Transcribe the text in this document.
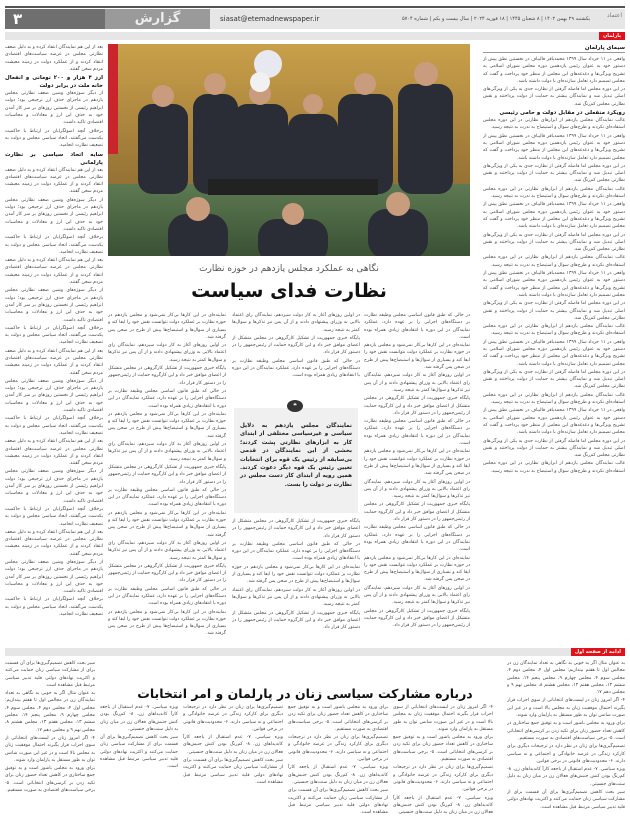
۳	گزارش	siasat@etemadnewspaper.ir	یکشنبه ۲۹ بهمن ۱۴۰۲ | ۸ شعبان ۱۴۴۵ | ۱۸ فوریه ۲۰۲۴ | سال بیست و یکم | شماره ۵۷۰۴	اعتماد
پارلمان
سیمای پارلمان

واقعی در ۱۱ خرداد سال ۱۳۹۹ محمدباقر قالیباف در نخستین نطق پیش از دستور خود به عنوان رئیس یازدهمین دوره مجلس شورای اسلامی به تشریح ویژگی‌ها و دغدغه‌های این مجلس از منظر خود پرداخت و گفت که مجلس تصمیم دارد تعامل سازنده‌ای با دولت داشته باشد.

در این دوره مجلس اما فاصله گرفتن از نظارت جدی به یکی از ویژگی‌های اصلی تبدیل شد و نمایندگان بیشتر به حمایت از دولت پرداختند و نقش نظارتی مجلس کم‌رنگ شد.

رویکرد منفعلی در مقابل دولت و حامی رئیسی

غالب نمایندگان مجلس یازدهم از ابزارهای نظارتی در این دوره مجلس استفاده‌ای نکردند و طرح‌های سوال و استیضاح به ندرت به نتیجه رسید.

واقعی در ۱۱ خرداد سال ۱۳۹۹ محمدباقر قالیباف در نخستین نطق پیش از دستور خود به عنوان رئیس یازدهمین دوره مجلس شورای اسلامی به تشریح ویژگی‌ها و دغدغه‌های این مجلس از منظر خود پرداخت و گفت که مجلس تصمیم دارد تعامل سازنده‌ای با دولت داشته باشد.

در این دوره مجلس اما فاصله گرفتن از نظارت جدی به یکی از ویژگی‌های اصلی تبدیل شد و نمایندگان بیشتر به حمایت از دولت پرداختند و نقش نظارتی مجلس کم‌رنگ شد.

غالب نمایندگان مجلس یازدهم از ابزارهای نظارتی در این دوره مجلس استفاده‌ای نکردند و طرح‌های سوال و استیضاح به ندرت به نتیجه رسید.

واقعی در ۱۱ خرداد سال ۱۳۹۹ محمدباقر قالیباف در نخستین نطق پیش از دستور خود به عنوان رئیس یازدهمین دوره مجلس شورای اسلامی به تشریح ویژگی‌ها و دغدغه‌های این مجلس از منظر خود پرداخت و گفت که مجلس تصمیم دارد تعامل سازنده‌ای با دولت داشته باشد.

در این دوره مجلس اما فاصله گرفتن از نظارت جدی به یکی از ویژگی‌های اصلی تبدیل شد و نمایندگان بیشتر به حمایت از دولت پرداختند و نقش نظارتی مجلس کم‌رنگ شد.

غالب نمایندگان مجلس یازدهم از ابزارهای نظارتی در این دوره مجلس استفاده‌ای نکردند و طرح‌های سوال و استیضاح به ندرت به نتیجه رسید.

واقعی در ۱۱ خرداد سال ۱۳۹۹ محمدباقر قالیباف در نخستین نطق پیش از دستور خود به عنوان رئیس یازدهمین دوره مجلس شورای اسلامی به تشریح ویژگی‌ها و دغدغه‌های این مجلس از منظر خود پرداخت و گفت که مجلس تصمیم دارد تعامل سازنده‌ای با دولت داشته باشد.

در این دوره مجلس اما فاصله گرفتن از نظارت جدی به یکی از ویژگی‌های اصلی تبدیل شد و نمایندگان بیشتر به حمایت از دولت پرداختند و نقش نظارتی مجلس کم‌رنگ شد.

غالب نمایندگان مجلس یازدهم از ابزارهای نظارتی در این دوره مجلس استفاده‌ای نکردند و طرح‌های سوال و استیضاح به ندرت به نتیجه رسید.

واقعی در ۱۱ خرداد سال ۱۳۹۹ محمدباقر قالیباف در نخستین نطق پیش از دستور خود به عنوان رئیس یازدهمین دوره مجلس شورای اسلامی به تشریح ویژگی‌ها و دغدغه‌های این مجلس از منظر خود پرداخت و گفت که مجلس تصمیم دارد تعامل سازنده‌ای با دولت داشته باشد.

در این دوره مجلس اما فاصله گرفتن از نظارت جدی به یکی از ویژگی‌های اصلی تبدیل شد و نمایندگان بیشتر به حمایت از دولت پرداختند و نقش نظارتی مجلس کم‌رنگ شد.

غالب نمایندگان مجلس یازدهم از ابزارهای نظارتی در این دوره مجلس استفاده‌ای نکردند و طرح‌های سوال و استیضاح به ندرت به نتیجه رسید.

واقعی در ۱۱ خرداد سال ۱۳۹۹ محمدباقر قالیباف در نخستین نطق پیش از دستور خود به عنوان رئیس یازدهمین دوره مجلس شورای اسلامی به تشریح ویژگی‌ها و دغدغه‌های این مجلس از منظر خود پرداخت و گفت که مجلس تصمیم دارد تعامل سازنده‌ای با دولت داشته باشد.

در این دوره مجلس اما فاصله گرفتن از نظارت جدی به یکی از ویژگی‌های اصلی تبدیل شد و نمایندگان بیشتر به حمایت از دولت پرداختند و نقش نظارتی مجلس کم‌رنگ شد.

غالب نمایندگان مجلس یازدهم از ابزارهای نظارتی در این دوره مجلس استفاده‌ای نکردند و طرح‌های سوال و استیضاح به ندرت به نتیجه رسید.

نگاهی به عملکرد مجلس یازدهم در حوزه نظارت
نظارت فدای سیاست

بعد از این هم نمایندگان انتقاد کرده و به دلیل ضعف نظارتی مجلس در عرصه سیاست‌های اقتصادی انتقاد کردند و از عملکرد دولت در زمینه معیشت مردم سخن گفتند.

ارز ۴ هزار و ۲۰۰ تومانی و انفعال خانه ملت در برابر دولت

از دیگر سوژه‌های وشین ضعف نظارتی مجلس یازدهم در ماجرای حذف ارز ترجیحی بود؛ دولت ابراهیم رئیسی از نخستین روزهای بر سر کار آمدن خود به حذف این ارز و معادلات و محاسبات اقتصادی تاکید داشت.

برخلاف آنچه اصولگرایان در ارتباط با حاکمیت یکدست می‌گفتند، اتحاد سیاسی مجلس و دولت به تضعیف نظارت انجامید.

سایه اتحاد سیاسی بر نظارت پارلمانی

بعد از این هم نمایندگان انتقاد کرده و به دلیل ضعف نظارتی مجلس در عرصه سیاست‌های اقتصادی انتقاد کردند و از عملکرد دولت در زمینه معیشت مردم سخن گفتند.

از دیگر سوژه‌های وشین ضعف نظارتی مجلس یازدهم در ماجرای حذف ارز ترجیحی بود؛ دولت ابراهیم رئیسی از نخستین روزهای بر سر کار آمدن خود به حذف این ارز و معادلات و محاسبات اقتصادی تاکید داشت.

برخلاف آنچه اصولگرایان در ارتباط با حاکمیت یکدست می‌گفتند، اتحاد سیاسی مجلس و دولت به تضعیف نظارت انجامید.

بعد از این هم نمایندگان انتقاد کرده و به دلیل ضعف نظارتی مجلس در عرصه سیاست‌های اقتصادی انتقاد کردند و از عملکرد دولت در زمینه معیشت مردم سخن گفتند.

از دیگر سوژه‌های وشین ضعف نظارتی مجلس یازدهم در ماجرای حذف ارز ترجیحی بود؛ دولت ابراهیم رئیسی از نخستین روزهای بر سر کار آمدن خود به حذف این ارز و معادلات و محاسبات اقتصادی تاکید داشت.

برخلاف آنچه اصولگرایان در ارتباط با حاکمیت یکدست می‌گفتند، اتحاد سیاسی مجلس و دولت به تضعیف نظارت انجامید.

بعد از این هم نمایندگان انتقاد کرده و به دلیل ضعف نظارتی مجلس در عرصه سیاست‌های اقتصادی انتقاد کردند و از عملکرد دولت در زمینه معیشت مردم سخن گفتند.

از دیگر سوژه‌های وشین ضعف نظارتی مجلس یازدهم در ماجرای حذف ارز ترجیحی بود؛ دولت ابراهیم رئیسی از نخستین روزهای بر سر کار آمدن خود به حذف این ارز و معادلات و محاسبات اقتصادی تاکید داشت.

برخلاف آنچه اصولگرایان در ارتباط با حاکمیت یکدست می‌گفتند، اتحاد سیاسی مجلس و دولت به تضعیف نظارت انجامید.

بعد از این هم نمایندگان انتقاد کرده و به دلیل ضعف نظارتی مجلس در عرصه سیاست‌های اقتصادی انتقاد کردند و از عملکرد دولت در زمینه معیشت مردم سخن گفتند.

از دیگر سوژه‌های وشین ضعف نظارتی مجلس یازدهم در ماجرای حذف ارز ترجیحی بود؛ دولت ابراهیم رئیسی از نخستین روزهای بر سر کار آمدن خود به حذف این ارز و معادلات و محاسبات اقتصادی تاکید داشت.

برخلاف آنچه اصولگرایان در ارتباط با حاکمیت یکدست می‌گفتند، اتحاد سیاسی مجلس و دولت به تضعیف نظارت انجامید.

بعد از این هم نمایندگان انتقاد کرده و به دلیل ضعف نظارتی مجلس در عرصه سیاست‌های اقتصادی انتقاد کردند و از عملکرد دولت در زمینه معیشت مردم سخن گفتند.

از دیگر سوژه‌های وشین ضعف نظارتی مجلس یازدهم در ماجرای حذف ارز ترجیحی بود؛ دولت ابراهیم رئیسی از نخستین روزهای بر سر کار آمدن خود به حذف این ارز و معادلات و محاسبات اقتصادی تاکید داشت.

برخلاف آنچه اصولگرایان در ارتباط با حاکمیت یکدست می‌گفتند، اتحاد سیاسی مجلس و دولت به تضعیف نظارت انجامید.

نماینده‌ای در این کارها بی‌کار نمی‌شود و مجلس یازدهم در حوزه نظارت بر عملکرد دولت نتوانست نقش خود را ایفا کند و بسیاری از سوال‌ها و استیضاح‌ها پیش از طرح در صحن پس گرفته شد.

در اولین روزهای آغاز به کار دولت سیزدهم، نمایندگان رای اعتماد بالایی به وزرای پیشنهادی دادند و از آن پس نیز تذکرها و سوال‌ها کمتر به نتیجه رسید.

پایگاه خبری جمهوریت از تشکیل کارگروهی در مجلس متشکل از اعضای موافق خبر داد و این کارگروه حمایت از رئیس‌جمهور را در دستور کار قرار داد.

در حالی که طبق قانون اساسی مجلس وظیفه نظارت بر دستگاه‌های اجرایی را بر عهده دارد، عملکرد نمایندگان در این دوره با انتقادهای زیادی همراه بوده است.

نماینده‌ای در این کارها بی‌کار نمی‌شود و مجلس یازدهم در حوزه نظارت بر عملکرد دولت نتوانست نقش خود را ایفا کند و بسیاری از سوال‌ها و استیضاح‌ها پیش از طرح در صحن پس گرفته شد.

در اولین روزهای آغاز به کار دولت سیزدهم، نمایندگان رای اعتماد بالایی به وزرای پیشنهادی دادند و از آن پس نیز تذکرها و سوال‌ها کمتر به نتیجه رسید.

پایگاه خبری جمهوریت از تشکیل کارگروهی در مجلس متشکل از اعضای موافق خبر داد و این کارگروه حمایت از رئیس‌جمهور را در دستور کار قرار داد.

در حالی که طبق قانون اساسی مجلس وظیفه نظارت بر دستگاه‌های اجرایی را بر عهده دارد، عملکرد نمایندگان در این دوره با انتقادهای زیادی همراه بوده است.

نماینده‌ای در این کارها بی‌کار نمی‌شود و مجلس یازدهم در حوزه نظارت بر عملکرد دولت نتوانست نقش خود را ایفا کند و بسیاری از سوال‌ها و استیضاح‌ها پیش از طرح در صحن پس گرفته شد.

در اولین روزهای آغاز به کار دولت سیزدهم، نمایندگان رای اعتماد بالایی به وزرای پیشنهادی دادند و از آن پس نیز تذکرها و سوال‌ها کمتر به نتیجه رسید.

پایگاه خبری جمهوریت از تشکیل کارگروهی در مجلس متشکل از اعضای موافق خبر داد و این کارگروه حمایت از رئیس‌جمهور را در دستور کار قرار داد.

در حالی که طبق قانون اساسی مجلس وظیفه نظارت بر دستگاه‌های اجرایی را بر عهده دارد، عملکرد نمایندگان در این دوره با انتقادهای زیادی همراه بوده است.

نماینده‌ای در این کارها بی‌کار نمی‌شود و مجلس یازدهم در حوزه نظارت بر عملکرد دولت نتوانست نقش خود را ایفا کند و بسیاری از سوال‌ها و استیضاح‌ها پیش از طرح در صحن پس گرفته شد.

در اولین روزهای آغاز به کار دولت سیزدهم، نمایندگان رای اعتماد بالایی به وزرای پیشنهادی دادند و از آن پس نیز تذکرها و سوال‌ها کمتر به نتیجه رسید.

پایگاه خبری جمهوریت از تشکیل کارگروهی در مجلس متشکل از اعضای موافق خبر داد و این کارگروه حمایت از رئیس‌جمهور را در دستور کار قرار داد.

در حالی که طبق قانون اساسی مجلس وظیفه نظارت بر دستگاه‌های اجرایی را بر عهده دارد، عملکرد نمایندگان در این دوره با انتقادهای زیادی همراه بوده است.

پایگاه خبری جمهوریت از تشکیل کارگروهی در مجلس متشکل از اعضای موافق خبر داد و این کارگروه حمایت از رئیس‌جمهور را در دستور کار قرار داد.

در حالی که طبق قانون اساسی مجلس وظیفه نظارت بر دستگاه‌های اجرایی را بر عهده دارد، عملکرد نمایندگان در این دوره با انتقادهای زیادی همراه بوده است.

نماینده‌ای در این کارها بی‌کار نمی‌شود و مجلس یازدهم در حوزه نظارت بر عملکرد دولت نتوانست نقش خود را ایفا کند و بسیاری از سوال‌ها و استیضاح‌ها پیش از طرح در صحن پس گرفته شد.

در اولین روزهای آغاز به کار دولت سیزدهم، نمایندگان رای اعتماد بالایی به وزرای پیشنهادی دادند و از آن پس نیز تذکرها و سوال‌ها کمتر به نتیجه رسید.

پایگاه خبری جمهوریت از تشکیل کارگروهی در مجلس متشکل از اعضای موافق خبر داد و این کارگروه حمایت از رئیس‌جمهور را در دستور کار قرار داد.

در حالی که طبق قانون اساسی مجلس وظیفه نظارت بر دستگاه‌های اجرایی را بر عهده دارد، عملکرد نمایندگان در این دوره با انتقادهای زیادی همراه بوده است.

نماینده‌ای در این کارها بی‌کار نمی‌شود و مجلس یازدهم در حوزه نظارت بر عملکرد دولت نتوانست نقش خود را ایفا کند و بسیاری از سوال‌ها و استیضاح‌ها پیش از طرح در صحن پس گرفته شد.

در اولین روزهای آغاز به کار دولت سیزدهم، نمایندگان رای اعتماد بالایی به وزرای پیشنهادی دادند و از آن پس نیز تذکرها و سوال‌ها کمتر به نتیجه رسید.

پایگاه خبری جمهوریت از تشکیل کارگروهی در مجلس متشکل از اعضای موافق خبر داد و این کارگروه حمایت از رئیس‌جمهور را در دستور کار قرار داد.

در حالی که طبق قانون اساسی مجلس وظیفه نظارت بر دستگاه‌های اجرایی را بر عهده دارد، عملکرد نمایندگان در این دوره با انتقادهای زیادی همراه بوده است.

نماینده‌ای در این کارها بی‌کار نمی‌شود و مجلس یازدهم در حوزه نظارت بر عملکرد دولت نتوانست نقش خود را ایفا کند و بسیاری از سوال‌ها و استیضاح‌ها پیش از طرح در صحن پس گرفته شد.

در اولین روزهای آغاز به کار دولت سیزدهم، نمایندگان رای اعتماد بالایی به وزرای پیشنهادی دادند و از آن پس نیز تذکرها و سوال‌ها کمتر به نتیجه رسید.

پایگاه خبری جمهوریت از تشکیل کارگروهی در مجلس متشکل از اعضای موافق خبر داد و این کارگروه حمایت از رئیس‌جمهور را در دستور کار قرار داد.

در حالی که طبق قانون اساسی مجلس وظیفه نظارت بر دستگاه‌های اجرایی را بر عهده دارد، عملکرد نمایندگان در این دوره با انتقادهای زیادی همراه بوده است.

نماینده‌ای در این کارها بی‌کار نمی‌شود و مجلس یازدهم در حوزه نظارت بر عملکرد دولت نتوانست نقش خود را ایفا کند و بسیاری از سوال‌ها و استیضاح‌ها پیش از طرح در صحن پس گرفته شد.

در اولین روزهای آغاز به کار دولت سیزدهم، نمایندگان رای اعتماد بالایی به وزرای پیشنهادی دادند و از آن پس نیز تذکرها و سوال‌ها کمتر به نتیجه رسید.

پایگاه خبری جمهوریت از تشکیل کارگروهی در مجلس متشکل از اعضای موافق خبر داد و این کارگروه حمایت از رئیس‌جمهور را در دستور کار قرار داد.

نمایندگان مجلس یازدهم به دلایل سیاسی و غیرسیاسی مختلفی از ابتدای کار به ابزارهای نظارتی پشت کردند؛ بخشی از این نمایندگان در قدمی بی‌سابقه از رئیس یک قوه برای انتخابات تعیین رئیس یک قوه دیگر دعوت کردند. همین رویه از ابتدای کار دست مجلس در نظارت بر دولت را بست.
❝
ادامه از صفحه اول
درباره مشارکت سیاسی زنان در پارلمان و امر انتخابات

به عنوان مثال اگر به خوبی به نگاهی به تعداد نمایندگان زن در مجالس اول تا هفتم بیندازیم: مجلس اول ۴، مجلس دوم ۴، مجلس سوم ۴، مجلس چهارم ۹، مجلس پنجم ۱۴، مجلس ششم ۱۳، مجلس هفتم ۱۳، مجلس هشتم ۸، مجلس نهم ۹ و مجلس دهم ۱۷.

۴- اگر امروز زنان در لیست‌های انتخاباتی از سوی احزاب قرار بگیرند احتمال موفقیت زنان به مجلس بالا است و در غیر این صورت شانس توان به طور مستقل به پارلمان وارد شوند.

برای ورود به مجلس باشور است و به توفیق جمع ساختاری در کاهش تعداد حضور زنان برای تکیه زدن بر کرسی‌های انتخاباتی است. ۵- برخی سیاست‌های اقتصادی به صورت مستقیم.

تصمیم‌گیری‌ها برای زنان در نظر دارد در ترجیحات دیگری برای کارکرد زندگی در عرصه خانوادگی و اجتماعی و نه سیاسی دارند. ۶- محدودیت‌های قانونی در برخی قوانین.

ویژه سیاسی. ۷- عدم استقبال از باجعه کارآ کاندیداهای زن. ۸- کم‌رنگ بودن کنش جنبش‌های فعالان زن در میان زنان به دلیل سنت‌های جنسیتی.

سیر بحث کاهش تصمیم‌گیری‌ها برای آن قسمت برای از مشارکت سیاسی زنان حمایت می‌کنند و اکثریت نهادهای دولتی قلیه تدبیر سیاسی مرتبط قبل مشاهده است.

۴- اگر امروز زنان در لیست‌های انتخاباتی از سوی احزاب قرار بگیرند احتمال موفقیت زنان به مجلس بالا است و در غیر این صورت شانس توان به طور مستقل به پارلمان وارد شوند.

برای ورود به مجلس باشور است و به توفیق جمع ساختاری در کاهش تعداد حضور زنان برای تکیه زدن بر کرسی‌های انتخاباتی است. ۵- برخی سیاست‌های اقتصادی به صورت مستقیم.

تصمیم‌گیری‌ها برای زنان در نظر دارد در ترجیحات دیگری برای کارکرد زندگی در عرصه خانوادگی و اجتماعی و نه سیاسی دارند. ۶- محدودیت‌های قانونی در برخی قوانین.

ویژه سیاسی. ۷- عدم استقبال از باجعه کارآ کاندیداهای زن. ۸- کم‌رنگ بودن کنش جنبش‌های فعالان زن در میان زنان به دلیل سنت‌های جنسیتی.

برای ورود به مجلس باشور است و به توفیق جمع ساختاری در کاهش تعداد حضور زنان برای تکیه زدن بر کرسی‌های انتخاباتی است. ۵- برخی سیاست‌های اقتصادی به صورت مستقیم.

تصمیم‌گیری‌ها برای زنان در نظر دارد در ترجیحات دیگری برای کارکرد زندگی در عرصه خانوادگی و اجتماعی و نه سیاسی دارند. ۶- محدودیت‌های قانونی در برخی قوانین.

ویژه سیاسی. ۷- عدم استقبال از باجعه کارآ کاندیداهای زن. ۸- کم‌رنگ بودن کنش جنبش‌های فعالان زن در میان زنان به دلیل سنت‌های جنسیتی.

سیر بحث کاهش تصمیم‌گیری‌ها برای آن قسمت برای از مشارکت سیاسی زنان حمایت می‌کنند و اکثریت نهادهای دولتی قلیه تدبیر سیاسی مرتبط قبل مشاهده است.

تصمیم‌گیری‌ها برای زنان در نظر دارد در ترجیحات دیگری برای کارکرد زندگی در عرصه خانوادگی و اجتماعی و نه سیاسی دارند. ۶- محدودیت‌های قانونی در برخی قوانین.

ویژه سیاسی. ۷- عدم استقبال از باجعه کارآ کاندیداهای زن. ۸- کم‌رنگ بودن کنش جنبش‌های فعالان زن در میان زنان به دلیل سنت‌های جنسیتی.

سیر بحث کاهش تصمیم‌گیری‌ها برای آن قسمت برای از مشارکت سیاسی زنان حمایت می‌کنند و اکثریت نهادهای دولتی قلیه تدبیر سیاسی مرتبط قبل مشاهده است.

ویژه سیاسی. ۷- عدم استقبال از باجعه کارآ کاندیداهای زن. ۸- کم‌رنگ بودن کنش جنبش‌های فعالان زن در میان زنان به دلیل سنت‌های جنسیتی.

سیر بحث کاهش تصمیم‌گیری‌ها برای آن قسمت برای از مشارکت سیاسی زنان حمایت می‌کنند و اکثریت نهادهای دولتی قلیه تدبیر سیاسی مرتبط قبل مشاهده است.

سیر بحث کاهش تصمیم‌گیری‌ها برای آن قسمت برای از مشارکت سیاسی زنان حمایت می‌کنند و اکثریت نهادهای دولتی قلیه تدبیر سیاسی مرتبط قبل مشاهده است.

به عنوان مثال اگر به خوبی به نگاهی به تعداد نمایندگان زن در مجالس اول تا هفتم بیندازیم: مجلس اول ۴، مجلس دوم ۴، مجلس سوم ۴، مجلس چهارم ۹، مجلس پنجم ۱۴، مجلس ششم ۱۳، مجلس هفتم ۱۳، مجلس هشتم ۸، مجلس نهم ۹ و مجلس دهم ۱۷.

۴- اگر امروز زنان در لیست‌های انتخاباتی از سوی احزاب قرار بگیرند احتمال موفقیت زنان به مجلس بالا است و در غیر این صورت شانس توان به طور مستقل به پارلمان وارد شوند.

برای ورود به مجلس باشور است و به توفیق جمع ساختاری در کاهش تعداد حضور زنان برای تکیه زدن بر کرسی‌های انتخاباتی است. ۵- برخی سیاست‌های اقتصادی به صورت مستقیم.
